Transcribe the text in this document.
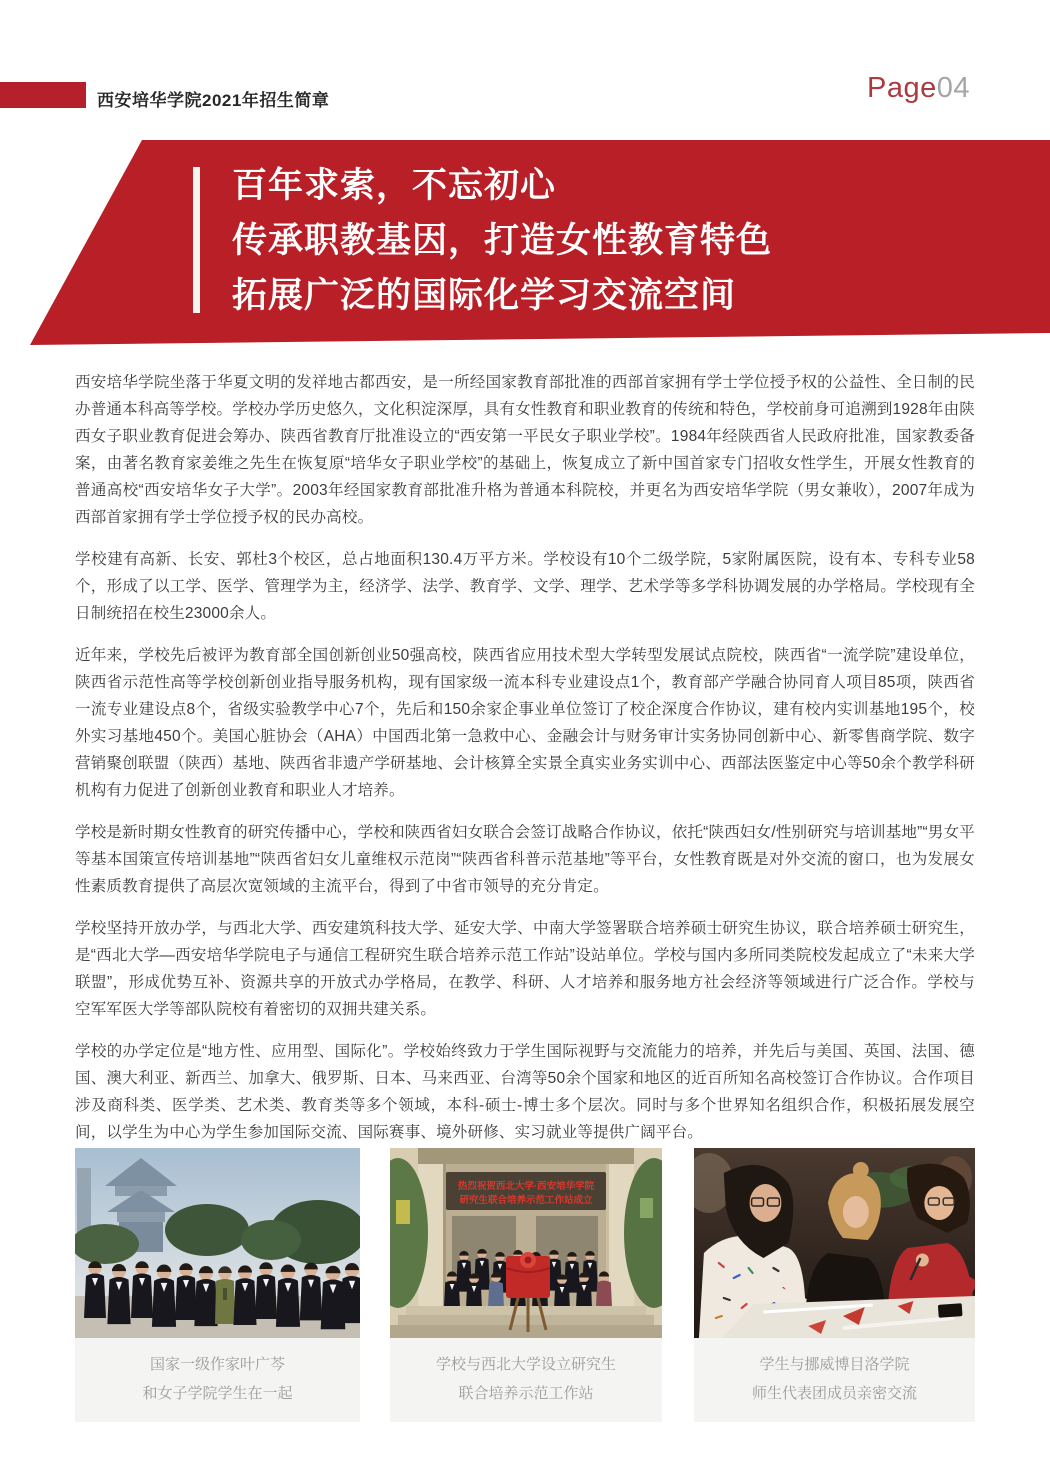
西安培华学院2021年招生简章	Page04
百年求索，不忘初心
传承职教基因，打造女性教育特色
拓展广泛的国际化学习交流空间

西安培华学院坐落于华夏文明的发祥地古都西安，是一所经国家教育部批准的西部首家拥有学士学位授予权的公益性、全日制的民办普通本科高等学校。学校办学历史悠久，文化积淀深厚，具有女性教育和职业教育的传统和特色，学校前身可追溯到1928年由陕西女子职业教育促进会筹办、陕西省教育厅批准设立的“西安第一平民女子职业学校”。1984年经陕西省人民政府批准，国家教委备案，由著名教育家姜维之先生在恢复原“培华女子职业学校”的基础上，恢复成立了新中国首家专门招收女性学生，开展女性教育的普通高校“西安培华女子大学”。2003年经国家教育部批准升格为普通本科院校，并更名为西安培华学院（男女兼收），2007年成为西部首家拥有学士学位授予权的民办高校。

学校建有高新、长安、郭杜3个校区，总占地面积130.4万平方米。学校设有10个二级学院，5家附属医院，设有本、专科专业58个，形成了以工学、医学、管理学为主，经济学、法学、教育学、文学、理学、艺术学等多学科协调发展的办学格局。学校现有全日制统招在校生23000余人。

近年来，学校先后被评为教育部全国创新创业50强高校，陕西省应用技术型大学转型发展试点院校，陕西省“一流学院”建设单位，陕西省示范性高等学校创新创业指导服务机构，现有国家级一流本科专业建设点1个，教育部产学融合协同育人项目85项，陕西省一流专业建设点8个，省级实验教学中心7个，先后和150余家企事业单位签订了校企深度合作协议，建有校内实训基地195个，校外实习基地450个。美国心脏协会（AHA）中国西北第一急救中心、金融会计与财务审计实务协同创新中心、新零售商学院、数字营销聚创联盟（陕西）基地、陕西省非遗产学研基地、会计核算全实景全真实业务实训中心、西部法医鉴定中心等50余个教学科研机构有力促进了创新创业教育和职业人才培养。

学校是新时期女性教育的研究传播中心，学校和陕西省妇女联合会签订战略合作协议，依托“陕西妇女/性别研究与培训基地”“男女平等基本国策宣传培训基地”“陕西省妇女儿童维权示范岗”“陕西省科普示范基地”等平台，女性教育既是对外交流的窗口，也为发展女性素质教育提供了高层次宽领域的主流平台，得到了中省市领导的充分肯定。

学校坚持开放办学，与西北大学、西安建筑科技大学、延安大学、中南大学签署联合培养硕士研究生协议，联合培养硕士研究生，是“西北大学—西安培华学院电子与通信工程研究生联合培养示范工作站”设站单位。学校与国内多所同类院校发起成立了“未来大学联盟”，形成优势互补、资源共享的开放式办学格局，在教学、科研、人才培养和服务地方社会经济等领域进行广泛合作。学校与空军军医大学等部队院校有着密切的双拥共建关系。

学校的办学定位是“地方性、应用型、国际化”。学校始终致力于学生国际视野与交流能力的培养，并先后与美国、英国、法国、德国、澳大利亚、新西兰、加拿大、俄罗斯、日本、马来西亚、台湾等50余个国家和地区的近百所知名高校签订合作协议。合作项目涉及商科类、医学类、艺术类、教育类等多个领域，本科-硕士-博士多个层次。同时与多个世界知名组织合作，积极拓展发展空间，以学生为中心为学生参加国际交流、国际赛事、境外研修、实习就业等提供广阔平台。

国家一级作家叶广芩
和女子学院学生在一起
热烈祝贺西北大学·西安培华学院
研究生联合培养示范工作站成立
学校与西北大学设立研究生
联合培养示范工作站
学生与挪威博目洛学院
师生代表团成员亲密交流
